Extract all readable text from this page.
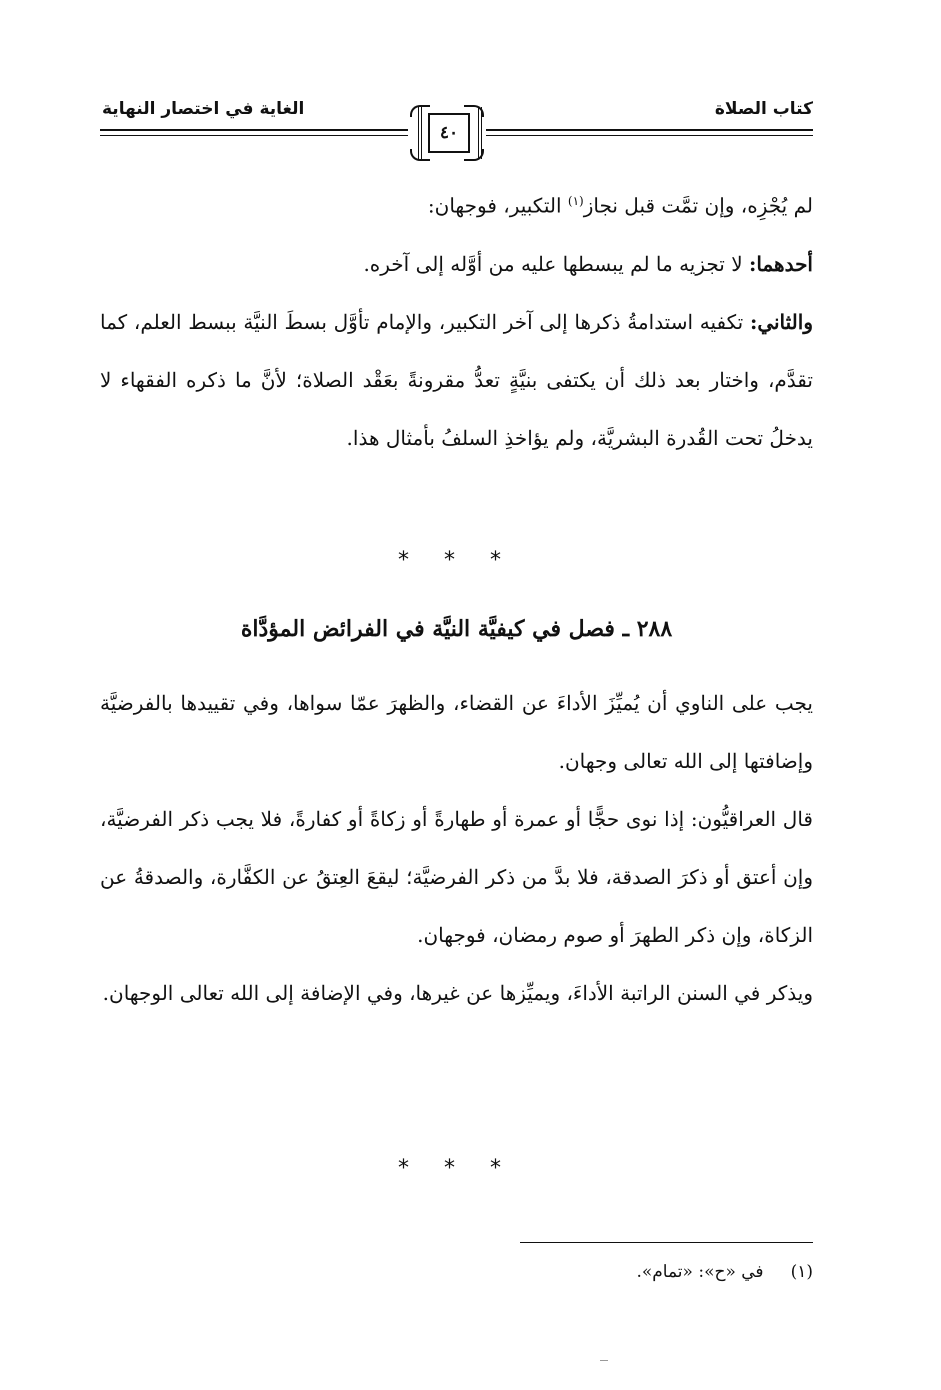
كتاب الصلاة
الغاية في اختصار النهاية
٤٠

لم يُجْزِه، وإن تمَّت قبل نجاز$^{(١)}$ التكبير، فوجهان:

أحدهما: لا تجزيه ما لم يبسطها عليه من أوَّله إلى آخره.

والثاني: تكفيه استدامةُ ذكرها إلى آخر التكبير، والإمام تأوَّل بسطَ النيَّة ببسط العلم، كما تقدَّم، واختار بعد ذلك أن يكتفى بنيَّةٍ تعدُّ مقرونةً بعَقْد الصلاة؛ لأنَّ ما ذكره الفقهاء لا يدخلُ تحت القُدرة البشريَّة، ولم يؤاخذِ السلفُ بأمثال هذا.

* * *
٢٨٨ ـ فصل في كيفيَّة النيَّة في الفرائض المؤدَّاة

يجب على الناوي أن يُميِّزَ الأداءَ عن القضاء، والظهرَ عمّا سواها، وفي تقييدها بالفرضيَّة وإضافتها إلى الله تعالى وجهان.

قال العراقيُّون: إذا نوى حجًّا أو عمرة أو طهارةً أو زكاةً أو كفارةً، فلا يجب ذكر الفرضيَّة، وإن أعتق أو ذكرَ الصدقة، فلا بدَّ من ذكر الفرضيَّة؛ ليقعَ العِتقُ عن الكفَّارة، والصدقةُ عن الزكاة، وإن ذكر الطهرَ أو صوم رمضان، فوجهان.

ويذكر في السنن الراتبة الأداءَ، ويميِّزها عن غيرها، وفي الإضافة إلى الله تعالى الوجهان.

* * *
(١)     في «ح»: «تمام».
